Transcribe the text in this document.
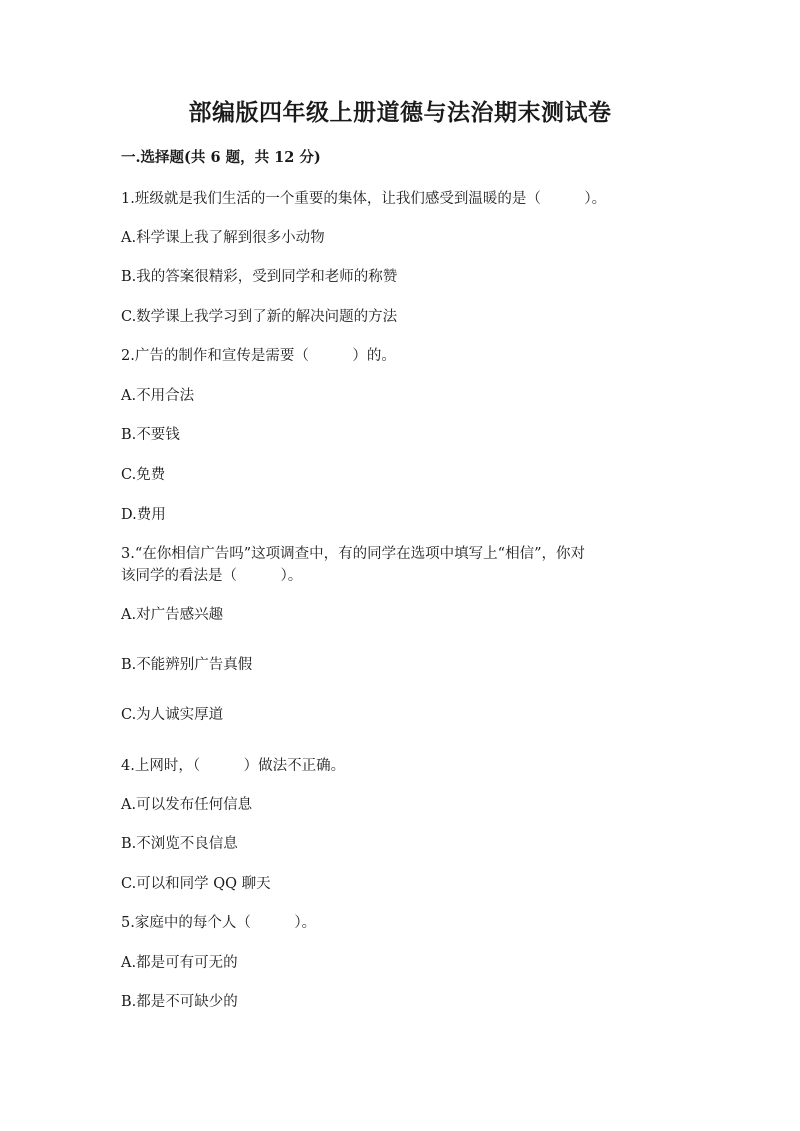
部编版四年级上册道德与法治期末测试卷
一.选择题(共 6 题，共 12 分)
1.班级就是我们生活的一个重要的集体，让我们感受到温暖的是（　　　）。
A.科学课上我了解到很多小动物
B.我的答案很精彩，受到同学和老师的称赞
C.数学课上我学习到了新的解决问题的方法
2.广告的制作和宣传是需要（　　　）的。
A.不用合法
B.不要钱
C.免费
D.费用
3.“在你相信广告吗”这项调查中，有的同学在选项中填写上“相信”，你对
该同学的看法是（　　　）。
A.对广告感兴趣
B.不能辨别广告真假
C.为人诚实厚道
4.上网时，（　　　）做法不正确。
A.可以发布任何信息
B.不浏览不良信息
C.可以和同学 QQ 聊天
5.家庭中的每个人（　　　）。
A.都是可有可无的
B.都是不可缺少的
